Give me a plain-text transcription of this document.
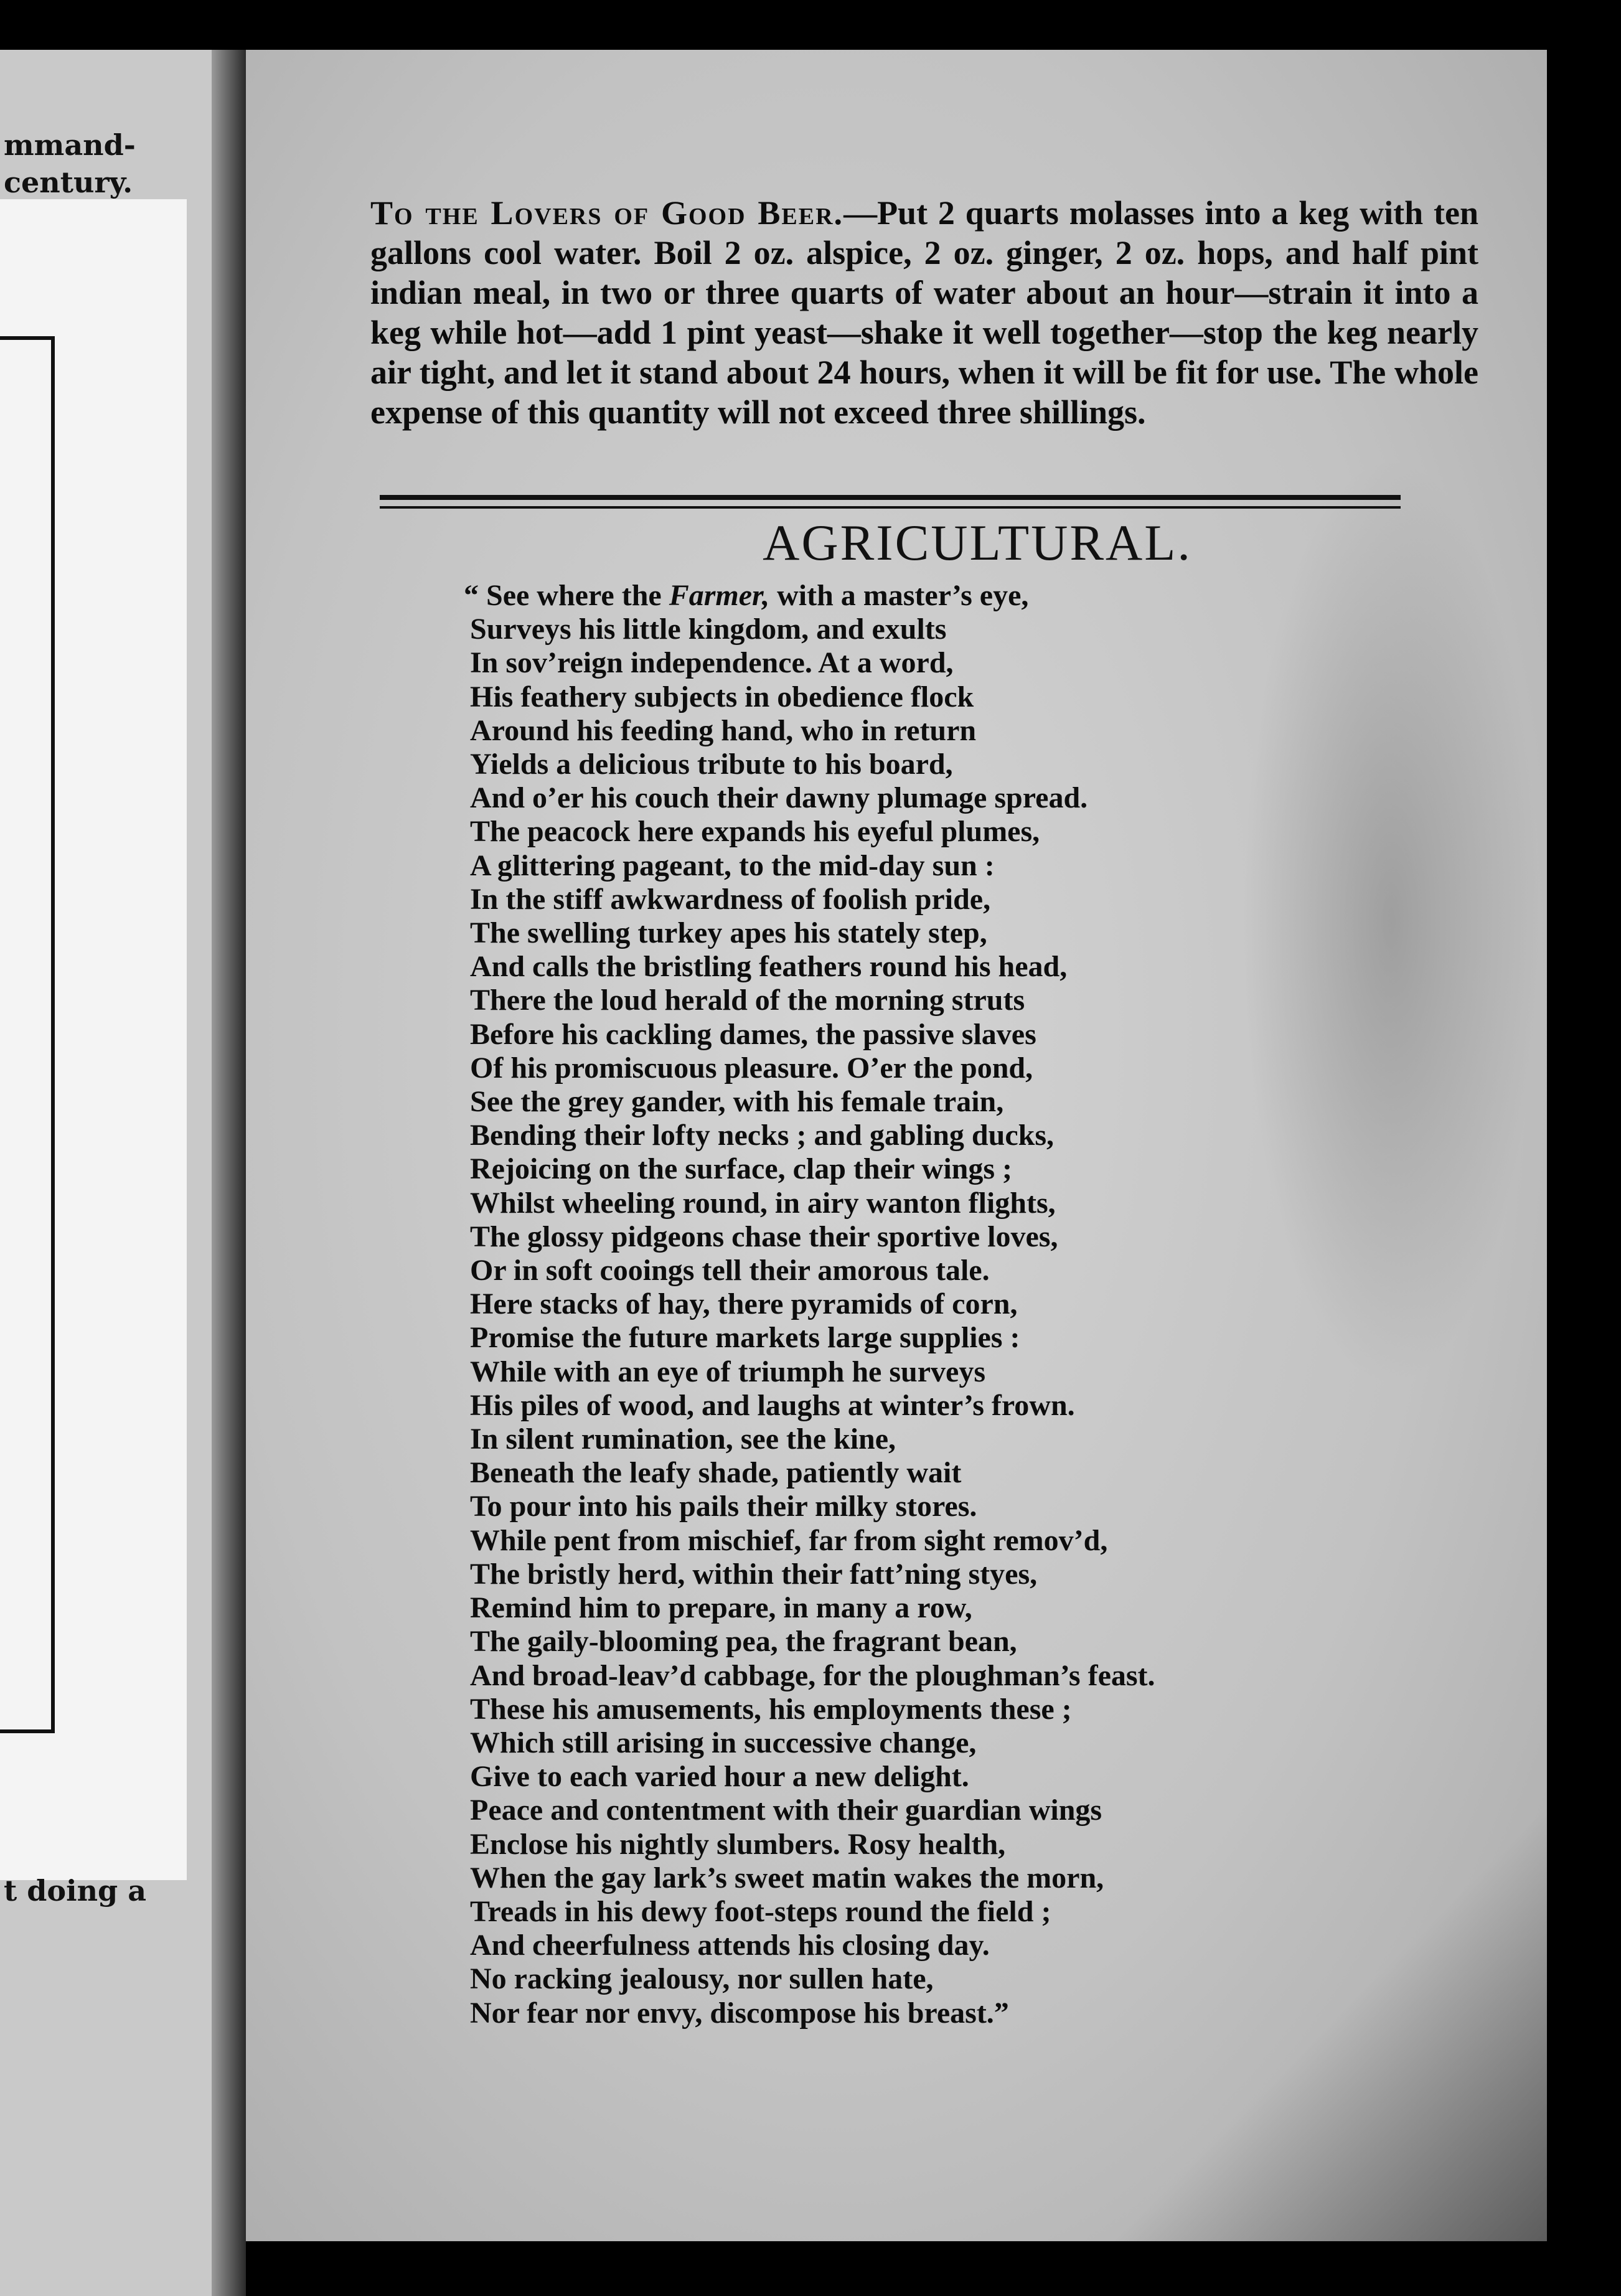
mmand-
century.
t doing a
To the Lovers of Good Beer.—Put 2 quarts molasses into a keg with ten gallons cool water. Boil 2 oz. alspice, 2 oz. ginger, 2 oz. hops, and half pint indian meal, in two or three quarts of water about an hour—strain it into a keg while hot—add 1 pint yeast—shake it well together—stop the keg nearly air tight, and let it stand about 24 hours, when it will be fit for use. The whole expense of this quantity will not exceed three shillings.
AGRICULTURAL.
“ See where the Farmer, with a master’s eye,
Surveys his little kingdom, and exults
In sov’reign independence. At a word,
His feathery subjects in obedience flock
Around his feeding hand, who in return
Yields a delicious tribute to his board,
And o’er his couch their dawny plumage spread.
The peacock here expands his eyeful plumes,
A glittering pageant, to the mid-day sun :
In the stiff awkwardness of foolish pride,
The swelling turkey apes his stately step,
And calls the bristling feathers round his head,
There the loud herald of the morning struts
Before his cackling dames, the passive slaves
Of his promiscuous pleasure. O’er the pond,
See the grey gander, with his female train,
Bending their lofty necks ; and gabling ducks,
Rejoicing on the surface, clap their wings ;
Whilst wheeling round, in airy wanton flights,
The glossy pidgeons chase their sportive loves,
Or in soft cooings tell their amorous tale.
Here stacks of hay, there pyramids of corn,
Promise the future markets large supplies :
While with an eye of triumph he surveys
His piles of wood, and laughs at winter’s frown.
In silent rumination, see the kine,
Beneath the leafy shade, patiently wait
To pour into his pails their milky stores.
While pent from mischief, far from sight remov’d,
The bristly herd, within their fatt’ning styes,
Remind him to prepare, in many a row,
The gaily-blooming pea, the fragrant bean,
And broad-leav’d cabbage, for the ploughman’s feast.
These his amusements, his employments these ;
Which still arising in successive change,
Give to each varied hour a new delight.
Peace and contentment with their guardian wings
Enclose his nightly slumbers. Rosy health,
When the gay lark’s sweet matin wakes the morn,
Treads in his dewy foot-steps round the field ;
And cheerfulness attends his closing day.
No racking jealousy, nor sullen hate,
Nor fear nor envy, discompose his breast.”
